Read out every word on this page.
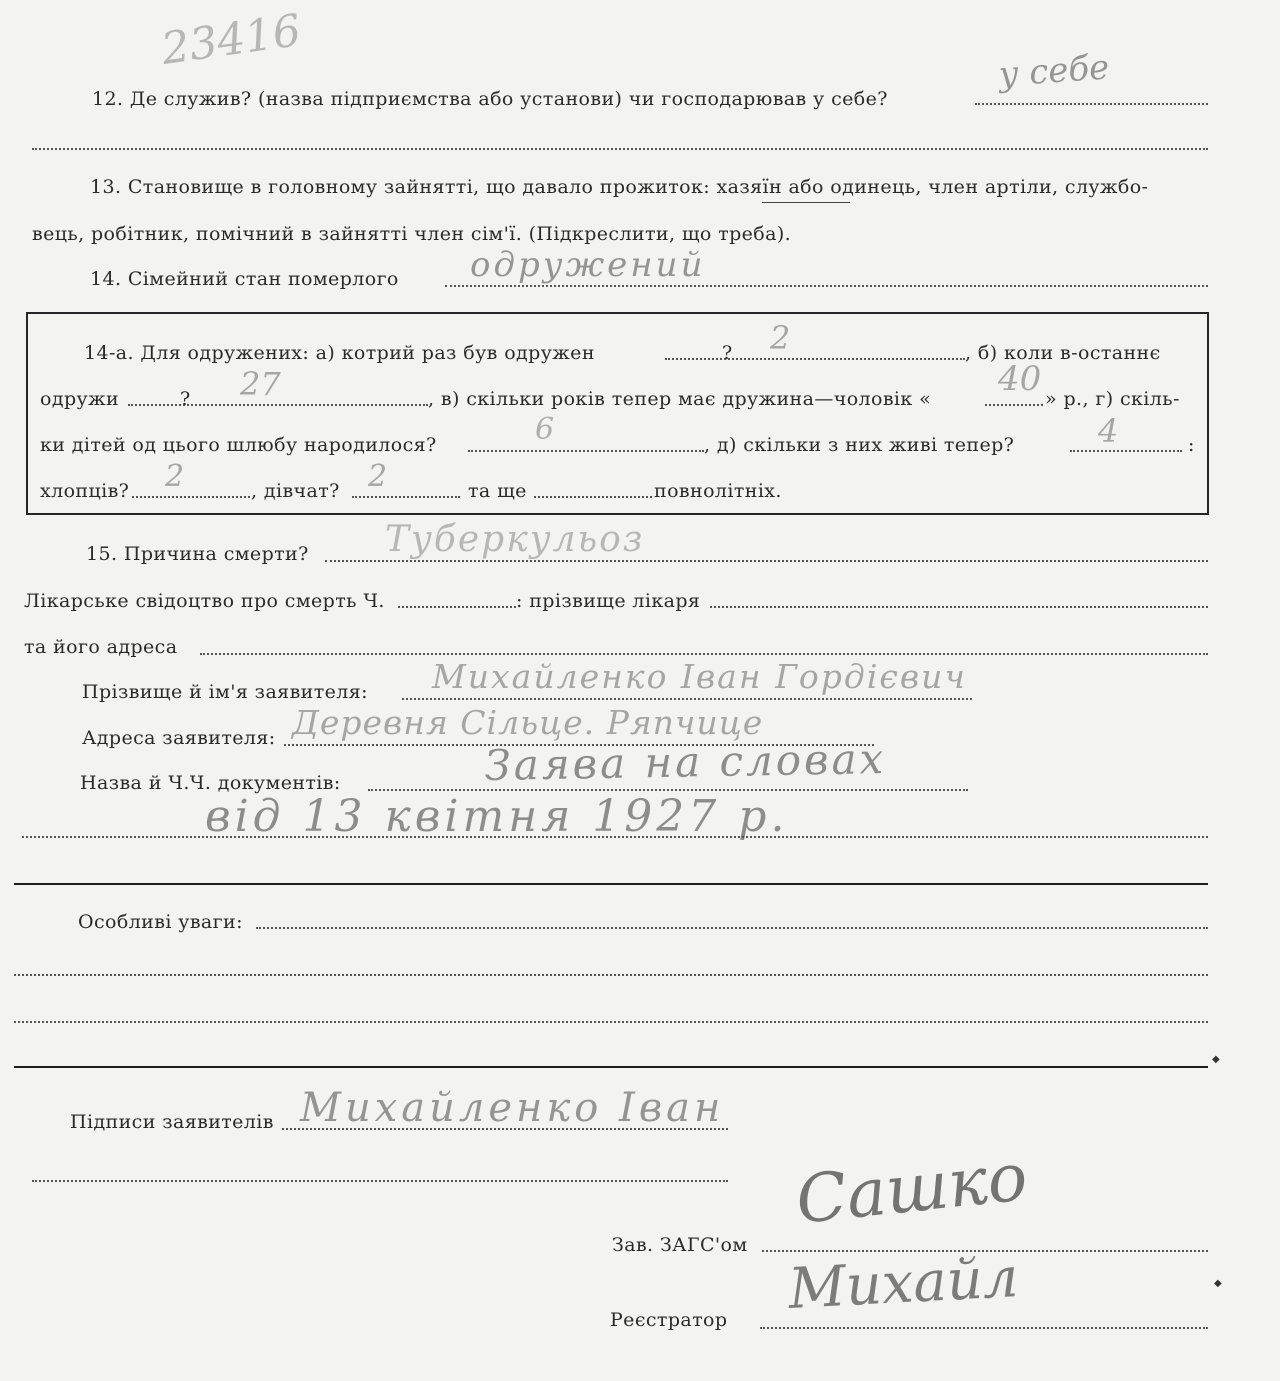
23416
12. Де служив? (назва підприємства або установи) чи господарював у себе?
у себе
13. Становище в головному зайнятті, що давало прожиток: хазяїн або одинець, член артіли, службо-
вець, робітник, помічний в зайнятті член сім'ї. (Підкреслити, що треба).
14. Сімейний стан померлого одружений
14-а. Для одружених: а) котрий раз був одружен	? 2	, б) коли в-останнє
одружи	? 27	, в) скільки років тепер має дружина—чоловік « 40 » р., г) скіль-
ки дітей од цього шлюбу народилося?	6	, д) скільки з них живі тепер?	4	:
хлопців? 2	, дівчат? 2	та ще	повнолітніх.
15. Причина смерти? Туберкульоз
Лікарське свідоцтво про смерть Ч.	: прізвище лікаря
та його адреса
Прізвище й ім'я заявителя: Михайленко Іван Гордієвич
Адреса заявителя: Деревня Сільце. Ряпчице
Назва й Ч.Ч. документів:	Заява на словах
від 13 квітня 1927 р.
Особливі уваги:
◆
Підписи заявителів Михайленко Іван
Зав. ЗАГС'ом
Сашко
◆
Реєстратор Михайл
